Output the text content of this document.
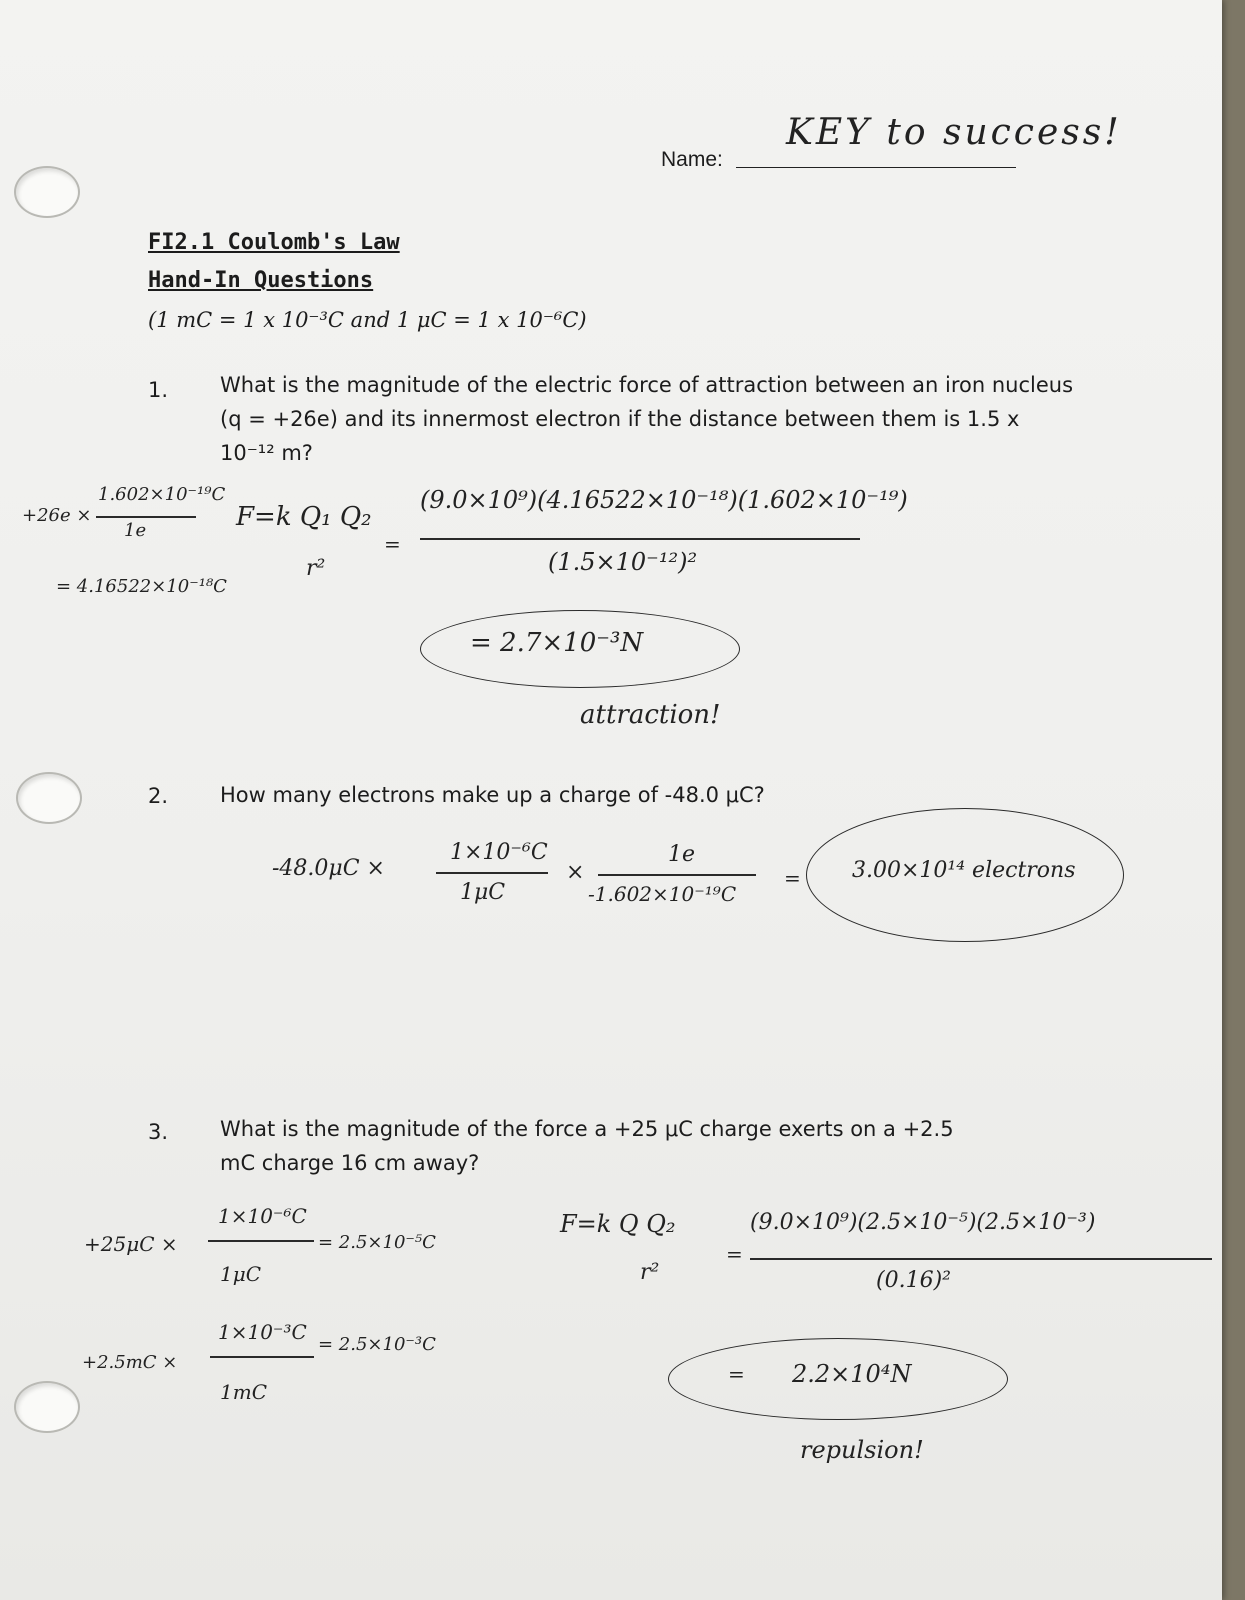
Name:
KEY to success!
FI2.1 Coulomb's Law
Hand-In Questions
(1 mC = 1 x 10⁻³C and 1 μC = 1 x 10⁻⁶C)
1. What is the magnitude of the electric force of attraction between an iron nucleus (q = +26e) and its innermost electron if the distance between them is 1.5 x 10⁻¹² m?
+26e ×
1.602×10⁻¹⁹C
1e
= 4.16522×10⁻¹⁸C
F=k Q₁ Q₂
r²
=
(9.0×10⁹)(4.16522×10⁻¹⁸)(1.602×10⁻¹⁹)
(1.5×10⁻¹²)²
= 2.7×10⁻³N
attraction!
2. How many electrons make up a charge of -48.0 μC?
-48.0μC ×
1×10⁻⁶C
1μC
×
1e
-1.602×10⁻¹⁹C
= 3.00×10¹⁴ electrons
3. What is the magnitude of the force a +25 μC charge exerts on a +2.5 mC charge 16 cm away?
+25μC ×
1×10⁻⁶C
1μC
= 2.5×10⁻⁵C
+2.5mC ×
1×10⁻³C
1mC
= 2.5×10⁻³C
F=k Q Q₂
r²
=
(9.0×10⁹)(2.5×10⁻⁵)(2.5×10⁻³)
(0.16)²
= 2.2×10⁴N
repulsion!
